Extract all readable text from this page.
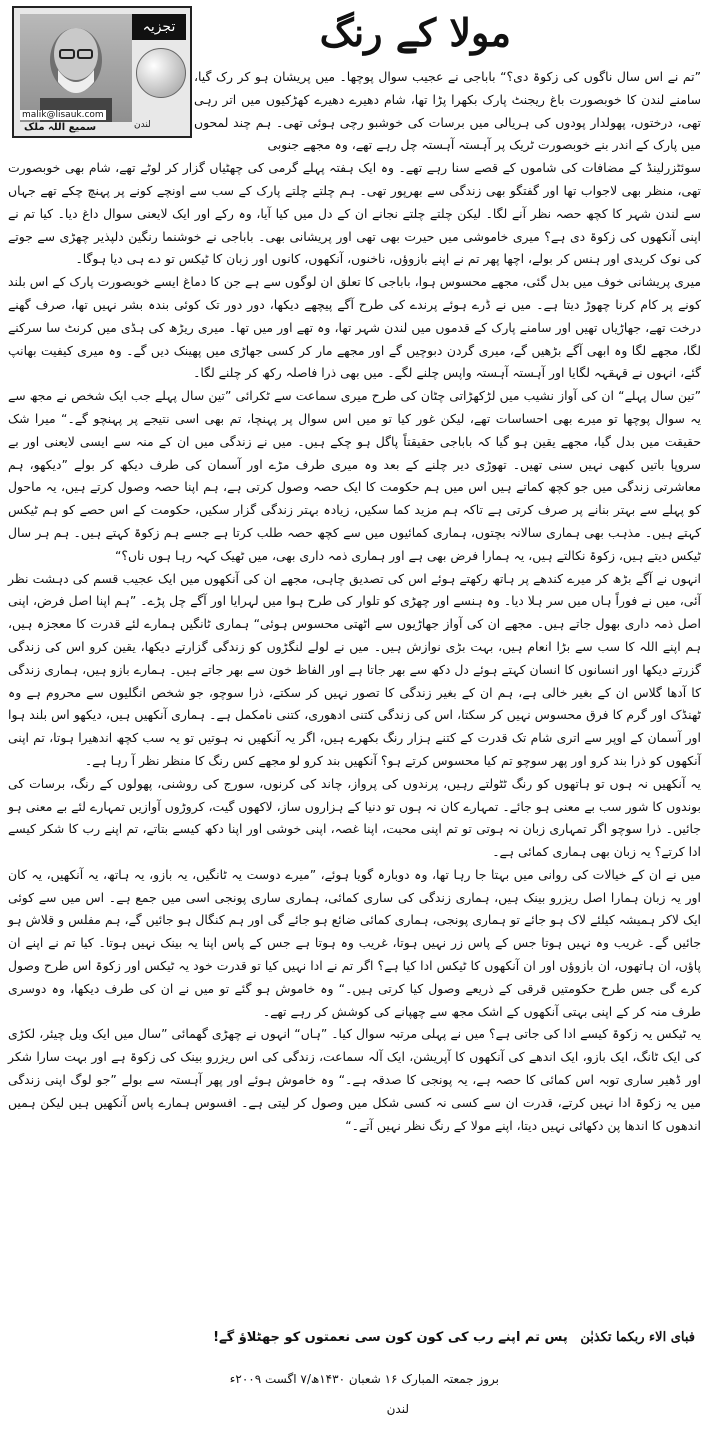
تجزیہ
malik@lisauk.com
سمیع اللہ ملک	لندن
مولا کے رنگ

”تم نے اس سال ناگوں کی زکوۃ دی؟“ باباجی نے عجیب سوال پوچھا۔ میں پریشان ہو کر رک گیا، سامنے لندن کا خوبصورت باغ ریجنٹ پارک بکھرا پڑا تھا، شام دھیرے دھیرے کھڑکیوں میں اتر رہی تھی، درختوں، پھولدار پودوں کی ہریالی میں برسات کی خوشبو رچی ہوئی تھی۔ ہم چند لمحوں میں پارک کے اندر بنے خوبصورت ٹریک پر آہستہ آہستہ چل رہے تھے، وہ مجھے جنوبی

سوئٹزرلینڈ کے مضافات کی شاموں کے قصے سنا رہے تھے۔ وہ ایک ہفتہ پہلے گرمی کی چھٹیاں گزار کر لوٹے تھے، شام بھی خوبصورت تھی، منظر بھی لاجواب تھا اور گفتگو بھی زندگی سے بھرپور تھی۔ ہم چلتے چلتے پارک کے سب سے اونچے کونے پر پہنچ چکے تھے جہاں سے لندن شہر کا کچھ حصہ نظر آنے لگا۔ لیکن چلتے چلتے نجانے ان کے دل میں کیا آیا، وہ رکے اور ایک لایعنی سوال داغ دیا۔ کیا تم نے اپنی آنکھوں کی زکوۃ دی ہے؟ میری خاموشی میں حیرت بھی تھی اور پریشانی بھی۔ باباجی نے خوشنما رنگین دلپذیر چھڑی سے جوتے کی نوک کریدی اور ہنس کر بولے، اچھا پھر تم نے اپنے بازوؤں، ناخنوں، آنکھوں، کانوں اور زبان کا ٹیکس تو دے ہی دیا ہوگا۔

میری پریشانی خوف میں بدل گئی، مجھے محسوس ہوا، باباجی کا تعلق ان لوگوں سے ہے جن کا دماغ ایسے خوبصورت پارک کے اس بلند کونے پر کام کرنا چھوڑ دیتا ہے۔ میں نے ڈرے ہوئے پرندے کی طرح آگے پیچھے دیکھا، دور دور تک کوئی بندہ بشر نہیں تھا، صرف گھنے درخت تھے، جھاڑیاں تھیں اور سامنے پارک کے قدموں میں لندن شہر تھا، وہ تھے اور میں تھا۔ میری ریڑھ کی ہڈی میں کرنٹ سا سرکنے لگا، مجھے لگا وہ ابھی آگے بڑھیں گے، میری گردن دبوچیں گے اور مجھے مار کر کسی جھاڑی میں پھینک دیں گے۔ وہ میری کیفیت بھانپ گئے، انہوں نے قہقہہ لگایا اور آہستہ آہستہ واپس چلنے لگے۔ میں بھی ذرا فاصلہ رکھ کر چلنے لگا۔

”تین سال پہلے“ ان کی آواز نشیب میں لڑکھڑاتی چٹان کی طرح میری سماعت سے ٹکرائی ”تین سال پہلے جب ایک شخص نے مجھ سے یہ سوال پوچھا تو میرے بھی احساسات تھے، لیکن غور کیا تو میں اس سوال پر پہنچا، تم بھی اسی نتیجے پر پہنچو گے۔“ میرا شک حقیقت میں بدل گیا، مجھے یقین ہو گیا کہ باباجی حقیقتاً پاگل ہو چکے ہیں۔ میں نے زندگی میں ان کے منہ سے ایسی لایعنی اور بے سروپا باتیں کبھی نہیں سنی تھیں۔ تھوڑی دیر چلنے کے بعد وہ میری طرف مڑے اور آسمان کی طرف دیکھ کر بولے ”دیکھو، ہم معاشرتی زندگی میں جو کچھ کماتے ہیں اس میں ہم حکومت کا ایک حصہ وصول کرتی ہے، ہم اپنا حصہ وصول کرتے ہیں، یہ ماحول کو پہلے سے بہتر بنانے پر صرف کرتی ہے تاکہ ہم مزید کما سکیں، زیادہ بہتر زندگی گزار سکیں، حکومت کے اس حصے کو ہم ٹیکس کہتے ہیں۔ مذہب بھی ہماری سالانہ بچتوں، ہماری کمائیوں میں سے کچھ حصہ طلب کرتا ہے جسے ہم زکوۃ کہتے ہیں۔ ہم ہر سال ٹیکس دیتے ہیں، زکوۃ نکالتے ہیں، یہ ہمارا فرض بھی ہے اور ہماری ذمہ داری بھی، میں ٹھیک کہہ رہا ہوں ناں؟“

انہوں نے آگے بڑھ کر میرے کندھے پر ہاتھ رکھتے ہوئے اس کی تصدیق چاہی، مجھے ان کی آنکھوں میں ایک عجیب قسم کی دہشت نظر آئی، میں نے فوراً ہاں میں سر ہلا دیا۔ وہ ہنسے اور چھڑی کو تلوار کی طرح ہوا میں لہرایا اور آگے چل پڑے۔ ”ہم اپنا اصل فرض، اپنی اصل ذمہ داری بھول جاتے ہیں۔ مجھے ان کی آواز جھاڑیوں سے اٹھتی محسوس ہوئی“ ہماری ٹانگیں ہمارے لئے قدرت کا معجزہ ہیں، ہم اپنے اللہ کا سب سے بڑا انعام ہیں، بہت بڑی نوازش ہیں۔ میں نے لولے لنگڑوں کو زندگی گزارتے دیکھا، یقین کرو اس کی زندگی گزرتے دیکھا اور انسانوں کا انسان کہتے ہوئے دل دکھ سے بھر جاتا ہے اور الفاظ خون سے بھر جاتے ہیں۔ ہمارے بازو ہیں، ہماری زندگی کا آدھا گلاس ان کے بغیر خالی ہے، ہم ان کے بغیر زندگی کا تصور نہیں کر سکتے، ذرا سوچو، جو شخص انگلیوں سے محروم ہے وہ ٹھنڈک اور گرم کا فرق محسوس نہیں کر سکتا، اس کی زندگی کتنی ادھوری، کتنی نامکمل ہے۔ ہماری آنکھیں ہیں، دیکھو اس بلند ہوا اور آسمان کے اوپر سے اتری شام تک قدرت کے کتنے ہزار رنگ بکھرے ہیں، اگر یہ آنکھیں نہ ہوتیں تو یہ سب کچھ اندھیرا ہوتا، تم اپنی آنکھوں کو ذرا بند کرو اور پھر سوچو تم کیا محسوس کرتے ہو؟ آنکھیں بند کرو لو مجھے کس رنگ کا منظر نظر آ رہا ہے۔

یہ آنکھیں نہ ہوں تو ہاتھوں کو رنگ ٹٹولتے رہیں، پرندوں کی پرواز، چاند کی کرنوں، سورج کی روشنی، پھولوں کے رنگ، برسات کی بوندوں کا شور سب بے معنی ہو جائے۔ تمہارے کان نہ ہوں تو دنیا کے ہزاروں ساز، لاکھوں گیت، کروڑوں آوازیں تمہارے لئے بے معنی ہو جائیں۔ ذرا سوچو اگر تمہاری زبان نہ ہوتی تو تم اپنی محبت، اپنا غصہ، اپنی خوشی اور اپنا دکھ کیسے بتاتے، تم اپنے رب کا شکر کیسے ادا کرتے؟ یہ زبان بھی ہماری کمائی ہے۔

میں نے ان کے خیالات کی روانی میں بہتا جا رہا تھا، وہ دوبارہ گویا ہوئے، ”میرے دوست یہ ٹانگیں، یہ بازو، یہ ہاتھ، یہ آنکھیں، یہ کان اور یہ زبان ہمارا اصل ریزرو بینک ہیں، ہماری زندگی کی ساری کمائی، ہماری ساری پونجی اسی میں جمع ہے۔ اس میں سے کوئی ایک لاکر ہمیشہ کیلئے لاک ہو جائے تو ہماری پونجی، ہماری کمائی ضائع ہو جائے گی اور ہم کنگال ہو جائیں گے، ہم مفلس و قلاش ہو جائیں گے۔ غریب وہ نہیں ہوتا جس کے پاس زر نہیں ہوتا، غریب وہ ہوتا ہے جس کے پاس اپنا یہ بینک نہیں ہوتا۔ کیا تم نے اپنے ان پاؤں، ان ہاتھوں، ان بازوؤں اور ان آنکھوں کا ٹیکس ادا کیا ہے؟ اگر تم نے ادا نہیں کیا تو قدرت خود یہ ٹیکس اور زکوۃ اس طرح وصول کرے گی جس طرح حکومتیں قرقی کے ذریعے وصول کیا کرتی ہیں۔“ وہ خاموش ہو گئے تو میں نے ان کی طرف دیکھا، وہ دوسری طرف منہ کر کے اپنی بہتی آنکھوں کے اشک مجھ سے چھپانے کی کوشش کر رہے تھے۔

یہ ٹیکس یہ زکوۃ کیسے ادا کی جاتی ہے؟ میں نے پہلی مرتبہ سوال کیا۔ ”ہاں“ انہوں نے چھڑی گھمائی ”سال میں ایک ویل چیئر، لکڑی کی ایک ٹانگ، ایک بازو، ایک اندھے کی آنکھوں کا آپریشن، ایک آلہ سماعت، زندگی کی اس ریزرو بینک کی زکوۃ ہے اور بہت سارا شکر اور ڈھیر ساری توبہ اس کمائی کا حصہ ہے، یہ پونجی کا صدقہ ہے۔“ وہ خاموش ہوئے اور پھر آہستہ سے بولے ”جو لوگ اپنی زندگی میں یہ زکوۃ ادا نہیں کرتے، قدرت ان سے کسی نہ کسی شکل میں وصول کر لیتی ہے۔ افسوس ہمارے پاس آنکھیں ہیں لیکن ہمیں اندھوں کا اندھا پن دکھائی نہیں دیتا، اپنے مولا کے رنگ نظر نہیں آتے۔“

فبای الاء ربکما تکذبٰن پس تم اپنے رب کی کون کون سی نعمتوں کو جھٹلاؤ گے!
بروز جمعتہ المبارک ۱۶ شعبان ۱۴۳۰ھ/۷ اگست ۲۰۰۹ء
لندن
